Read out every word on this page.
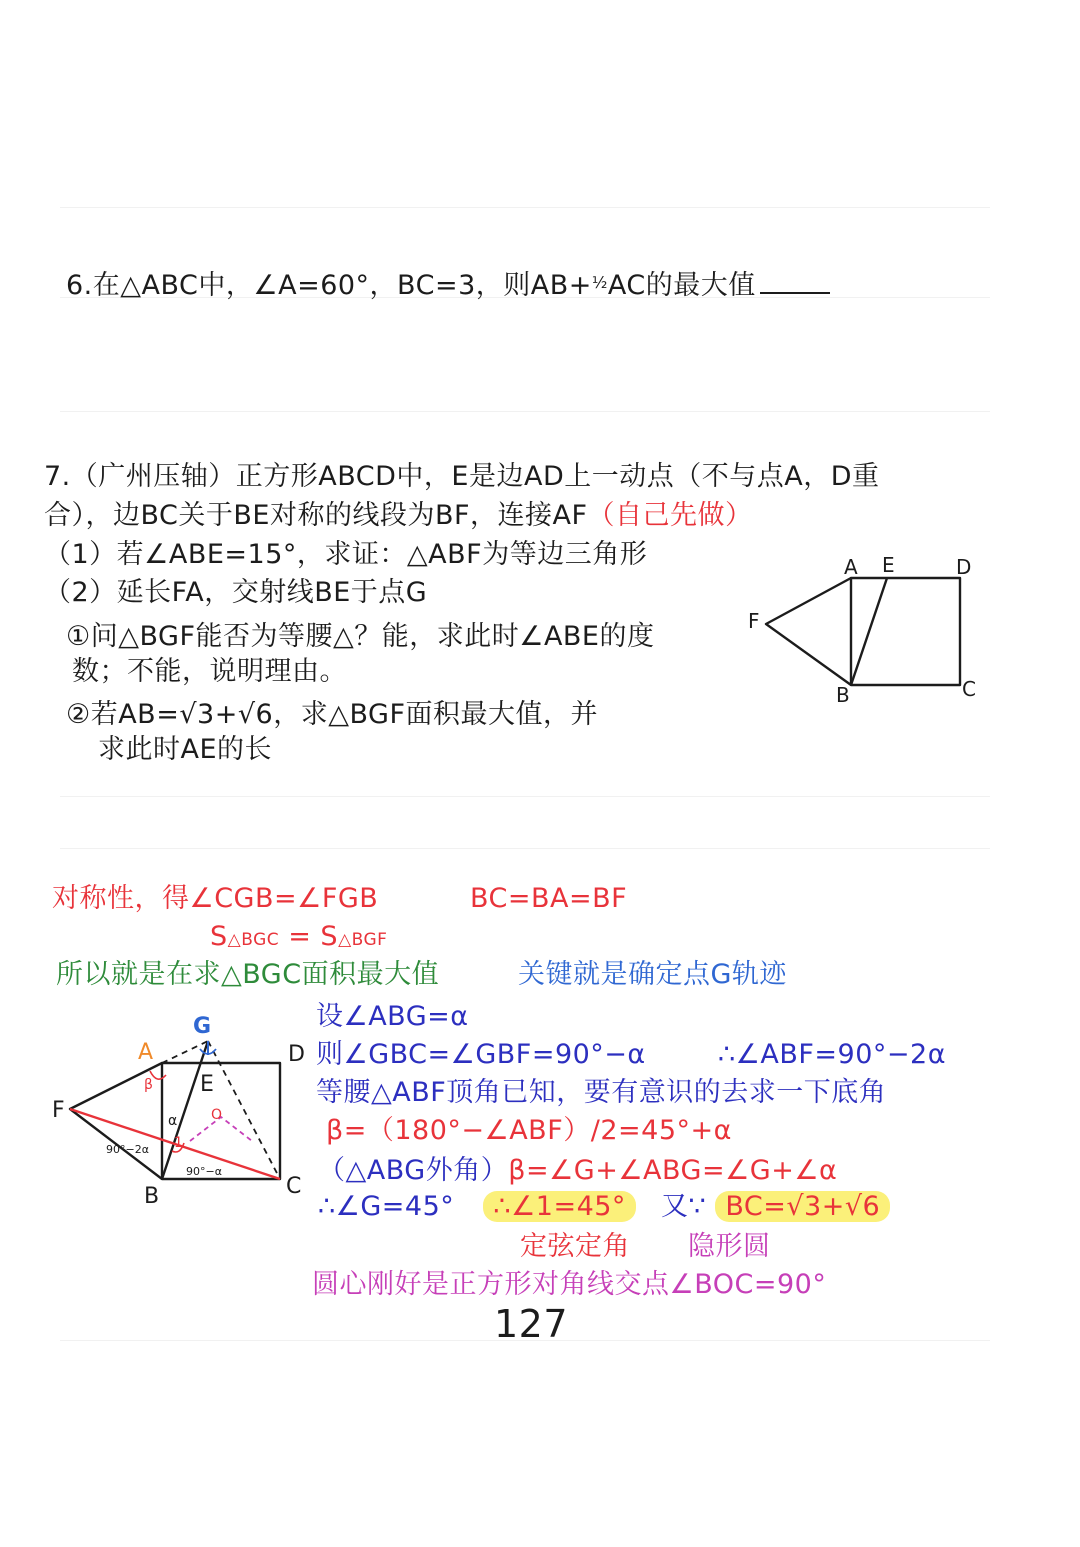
6.在△ABC中，∠A=60°，BC=3，则AB+$^{\frac{1}{2}}$AC的最大值
7.（广州压轴）正方形ABCD中，E是边AD上一动点（不与点A，D重
合），边BC关于BE对称的线段为BF，连接AF（自己先做）
（1）若∠ABE=15°，求证：△ABF为等边三角形
（2）延长FA，交射线BE于点G
①问△BGF能否为等腰△？能，求此时∠ABE的度
数；不能，说明理由。
②若AB=√3+√6，求△BGF面积最大值，并
求此时AE的长
A E	D
F
B	C
对称性，得∠CGB=∠FGB	BC=BA=BF
S△BGC = S△BGF
所以就是在求△BGC面积最大值	关键就是确定点G轨迹
设∠ABG=α
则∠GBC=∠GBF=90°−α	∴∠ABF=90°−2α
等腰△ABF顶角已知，要有意识的去求一下底角
β=（180°−∠ABF）/2=45°+α
（△ABG外角）β=∠G+∠ABG=∠G+∠α
∴∠G=45° ∴∠1=45° 又∵ BC=√3+√6
定弦定角 隐形圆
圆心刚好是正方形对角线交点∠BOC=90°
G
A	D
E
F
B	C
O
β
α
1
90°−2α
90°−α
127
